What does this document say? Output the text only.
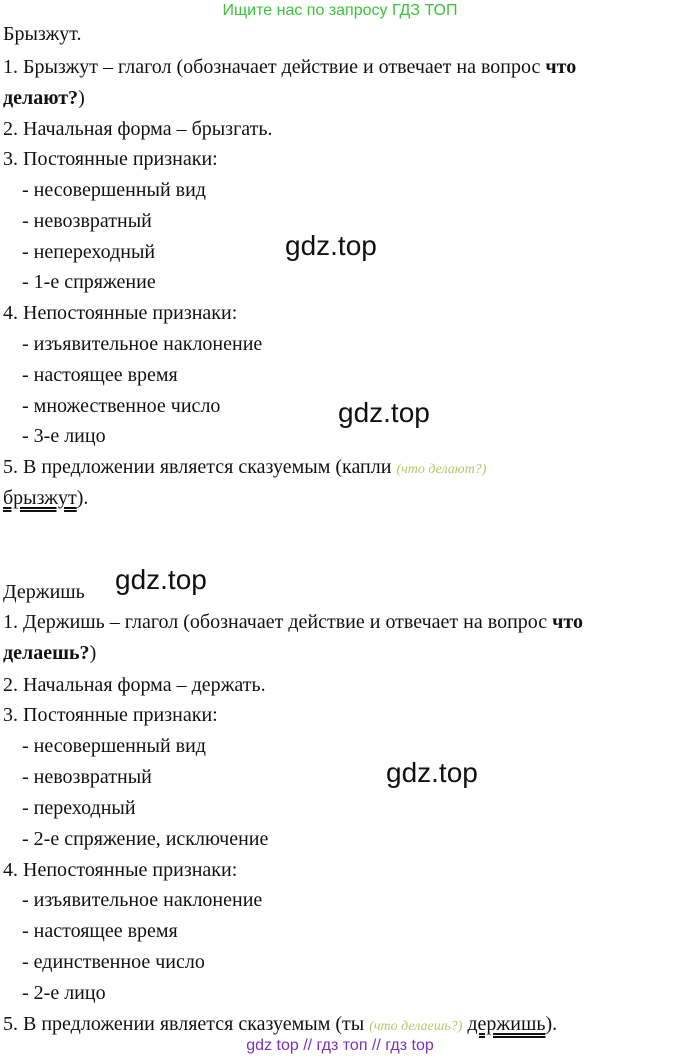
Ищите нас по запросу ГДЗ ТОП
Брызжут.
1. Брызжут – глагол (обозначает действие и отвечает на вопрос что
делают?)
2. Начальная форма – брызгать.
3. Постоянные признаки:
- несовершенный вид
- невозвратный
- непереходный
- 1-е спряжение
4. Непостоянные признаки:
- изъявительное наклонение
- настоящее время
- множественное число
- 3-е лицо
5. В предложении является сказуемым (капли (что делают?)
брызжут).
Держишь
1. Держишь – глагол (обозначает действие и отвечает на вопрос что
делаешь?)
2. Начальная форма – держать.
3. Постоянные признаки:
- несовершенный вид
- невозвратный
- переходный
- 2-е спряжение, исключение
4. Непостоянные признаки:
- изъявительное наклонение
- настоящее время
- единственное число
- 2-е лицо
5. В предложении является сказуемым (ты (что делаешь?) держишь).
gdz.top
gdz.top
gdz.top
gdz.top
gdz top // гдз топ // гдз top
